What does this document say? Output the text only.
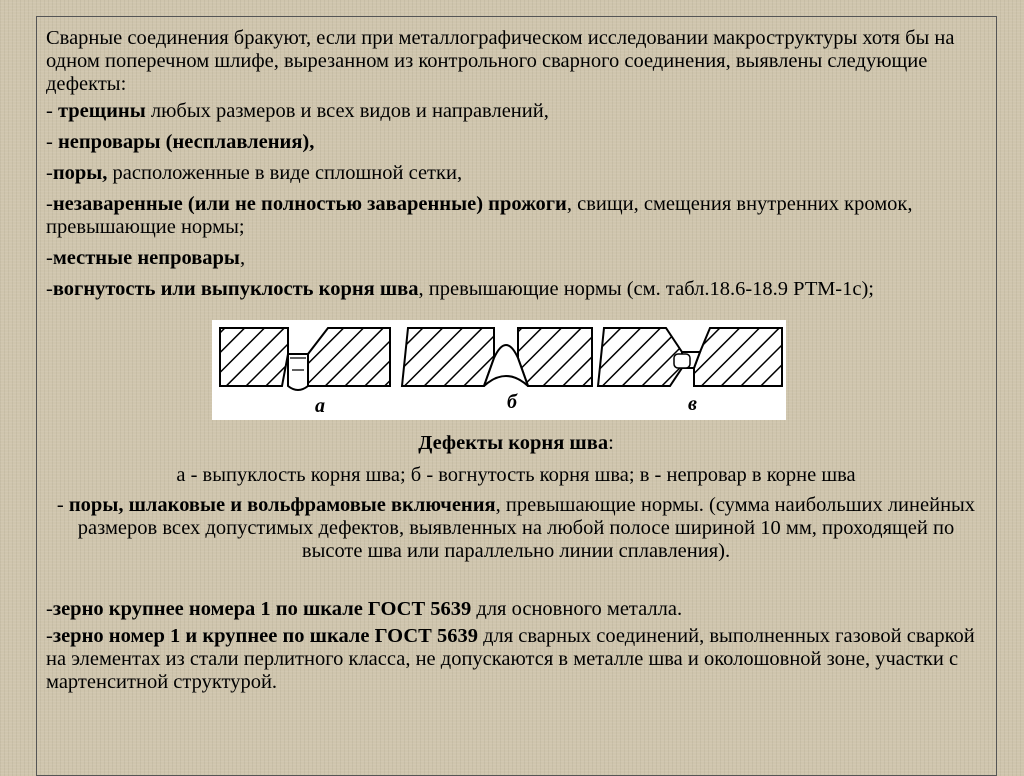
Сварные соединения бракуют, если при металлографическом исследовании макроструктуры хотя бы на одном поперечном шлифе, вырезанном из контрольного сварного соединения, выявлены следующие дефекты:

- трещины любых размеров и всех видов и направлений,

- непровары (несплавления),

-поры, расположенные в виде сплошной сетки,

-незаваренные (или не полностью заваренные) прожоги, свищи, смещения внутренних кромок, превышающие нормы;

-местные непровары,

-вогнутость или выпуклость корня шва, превышающие нормы (см. табл.18.6-18.9 РТМ-1с);

а	б	в

Дефекты корня шва:

а - выпуклость корня шва; б - вогнутость корня шва; в - непровар в корне шва

- поры, шлаковые и вольфрамовые включения, превышающие нормы. (сумма наибольших линейных размеров всех допустимых дефектов, выявленных на любой полосе шириной 10 мм, проходящей по высоте шва или параллельно линии сплавления).

-зерно крупнее номера 1 по шкале ГОСТ 5639 для основного металла.

-зерно номер 1 и крупнее по шкале ГОСТ 5639 для сварных соединений, выполненных газовой сваркой на элементах из стали перлитного класса, не допускаются в металле шва и околошовной зоне, участки с мартенситной структурой.
